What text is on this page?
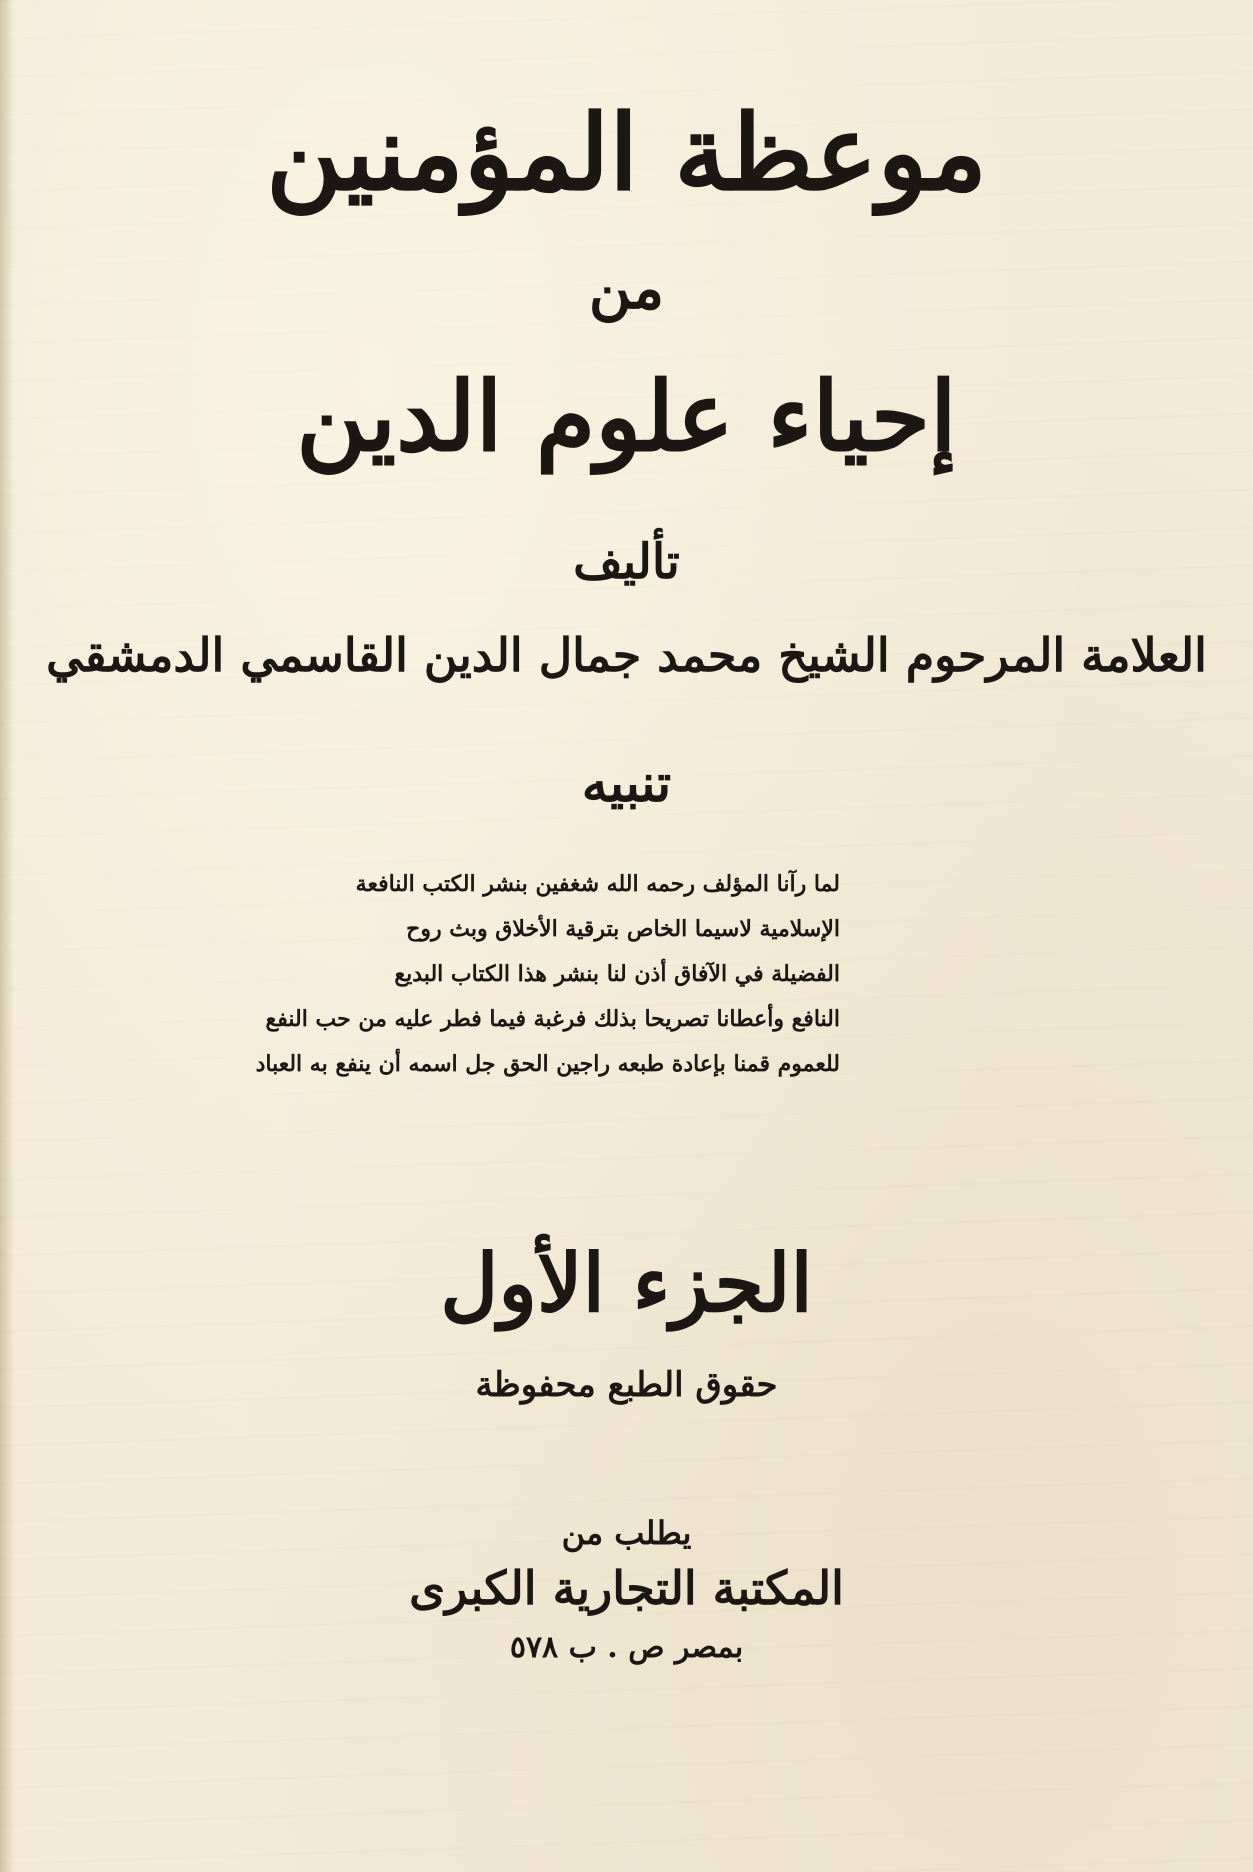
موعظة المؤمنين
من
إحياء علوم الدين
تأليف
العلامة المرحوم الشيخ محمد جمال الدين القاسمي الدمشقي
تنبيه
لما رآنا المؤلف رحمه الله شغفين بنشر الكتب النافعة
الإسلامية لاسيما الخاص بترقية الأخلاق وبث روح
الفضيلة في الآفاق أذن لنا بنشر هذا الكتاب البديع
النافع وأعطانا تصريحا بذلك فرغبة فيما فطر عليه من حب النفع
للعموم قمنا بإعادة طبعه راجين الحق جل اسمه أن ينفع به العباد
الجزء الأول
حقوق الطبع محفوظة
يطلب من
المكتبة التجارية الكبرى
بمصر ص . ب ٥٧٨
